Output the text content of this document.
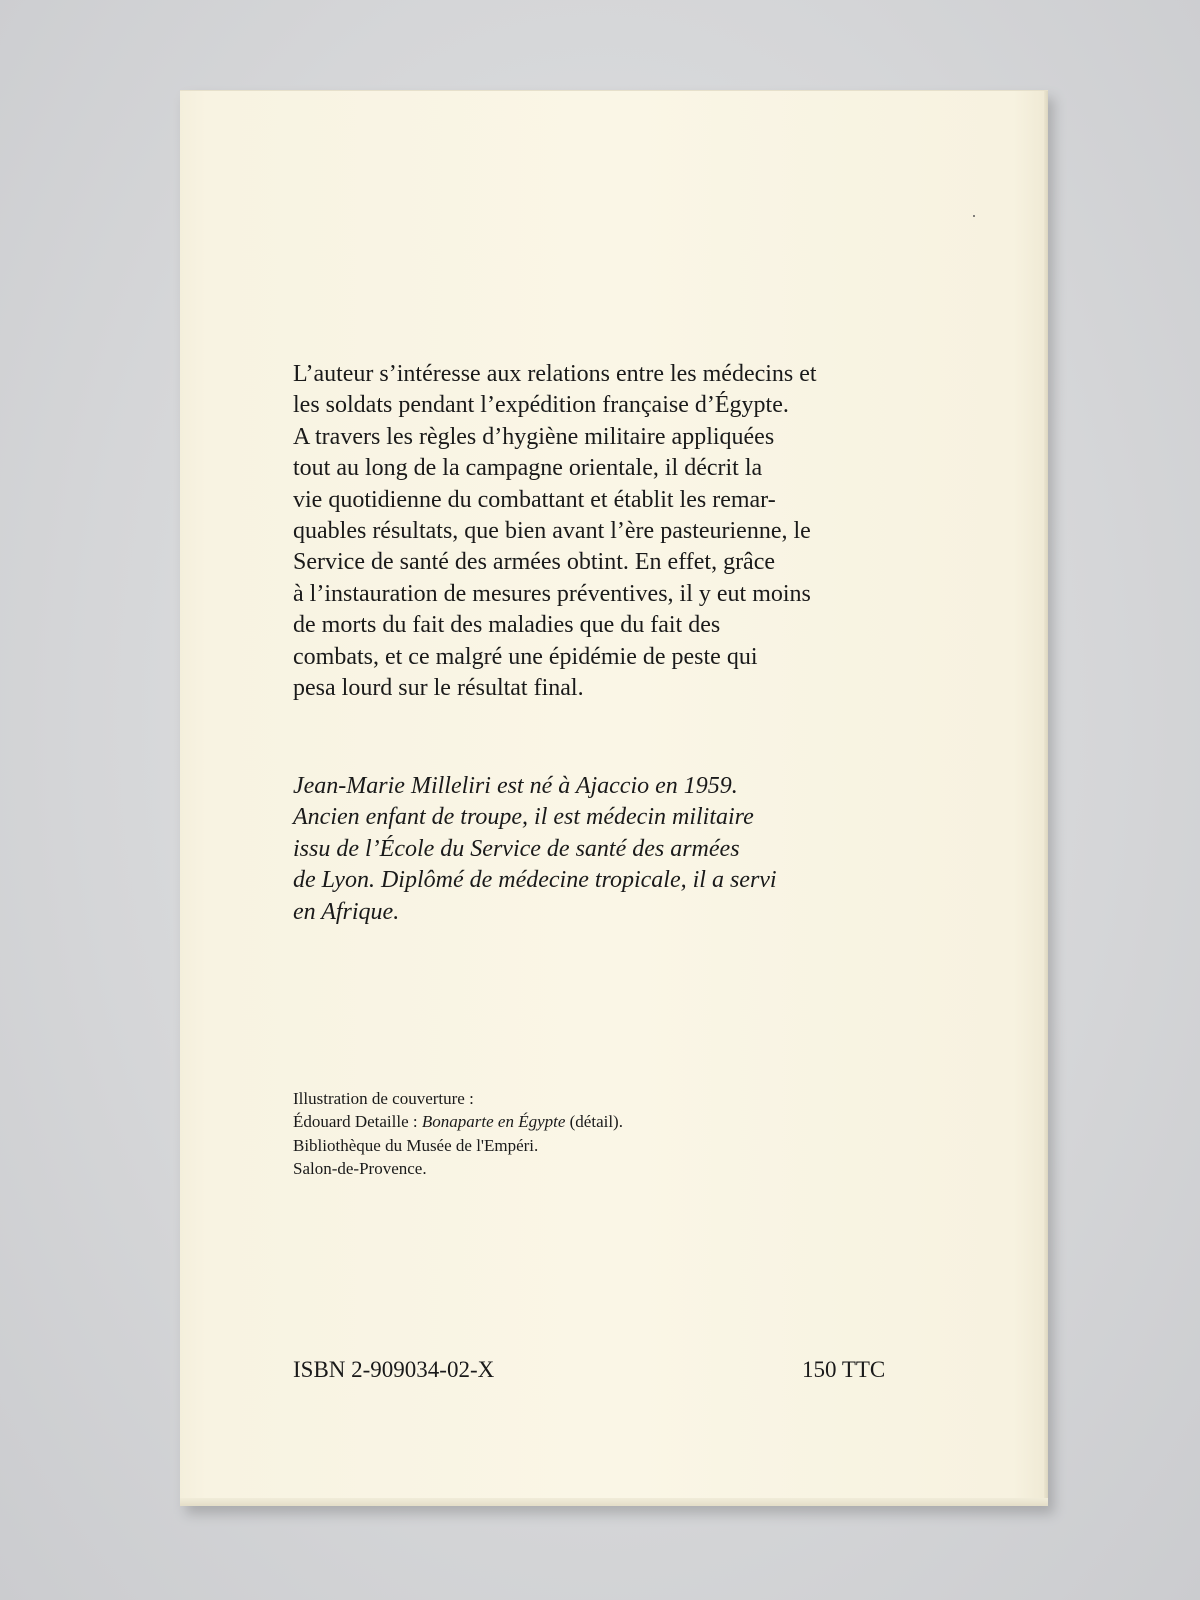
L’auteur s’intéresse aux relations entre les médecins et
les soldats pendant l’expédition française d’Égypte.
A travers les règles d’hygiène militaire appliquées
tout au long de la campagne orientale, il décrit la
vie quotidienne du combattant et établit les remar-
quables résultats, que bien avant l’ère pasteurienne, le
Service de santé des armées obtint. En effet, grâce
à l’instauration de mesures préventives, il y eut moins
de morts du fait des maladies que du fait des
combats, et ce malgré une épidémie de peste qui
pesa lourd sur le résultat final.

Jean-Marie Milleliri est né à Ajaccio en 1959.
Ancien enfant de troupe, il est médecin militaire
issu de l’École du Service de santé des armées
de Lyon. Diplômé de médecine tropicale, il a servi
en Afrique.

Illustration de couverture :
Édouard Detaille : Bonaparte en Égypte (détail).
Bibliothèque du Musée de l'Empéri.
Salon-de-Provence.
ISBN 2-909034-02-X	150 TTC
